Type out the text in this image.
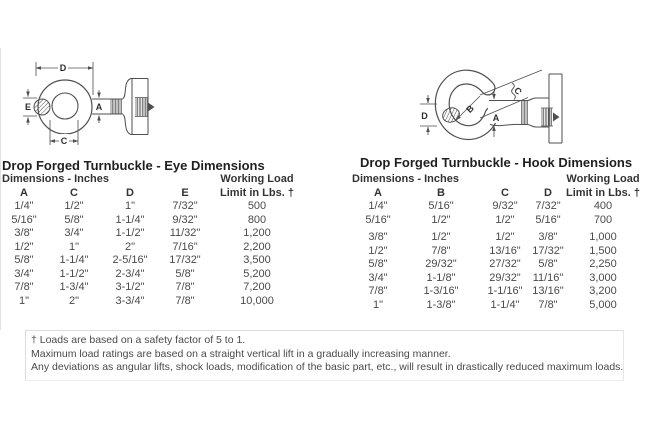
D
E	A
C
D
B
C
A
Drop Forged Turnbuckle - Eye Dimensions	Drop Forged Turnbuckle - Hook Dimensions
Dimensions - Inches	Working Load
A	C	D	E	Limit in Lbs. †
1/4"	1/2"	1"	7/32"	500
5/16"	5/8"	1-1/4"	9/32"	800
3/8"	3/4"	1-1/2"	11/32"	1,200
1/2"	1"	2"	7/16"	2,200
5/8"	1-1/4"	2-5/16"	17/32"	3,500
3/4"	1-1/2"	2-3/4"	5/8"	5,200
7/8"	1-3/4"	3-1/2"	7/8"	7,200
1"	2"	3-3/4"	7/8"	10,000
Dimensions - Inches	Working Load
A	B	C	D	Limit in Lbs. †
1/4"	5/16"	9/32"	7/32"	400
5/16"	1/2"	1/2"	5/16"	700
3/8"	1/2"	1/2"	3/8"	1,000
1/2"	7/8"	13/16"	17/32"	1,500
5/8"	29/32"	27/32"	5/8"	2,250
3/4"	1-1/8"	29/32"	11/16"	3,000
7/8"	1-3/16"	1-1/16" 13/16"	3,200
1"	1-3/8"	1-1/4"	7/8"	5,000
† Loads are based on a safety factor of 5 to 1.
Maximum load ratings are based on a straight vertical lift in a gradually increasing manner.
Any deviations as angular lifts, shock loads, modification of the basic part, etc., will result in drastically reduced maximum loads.
